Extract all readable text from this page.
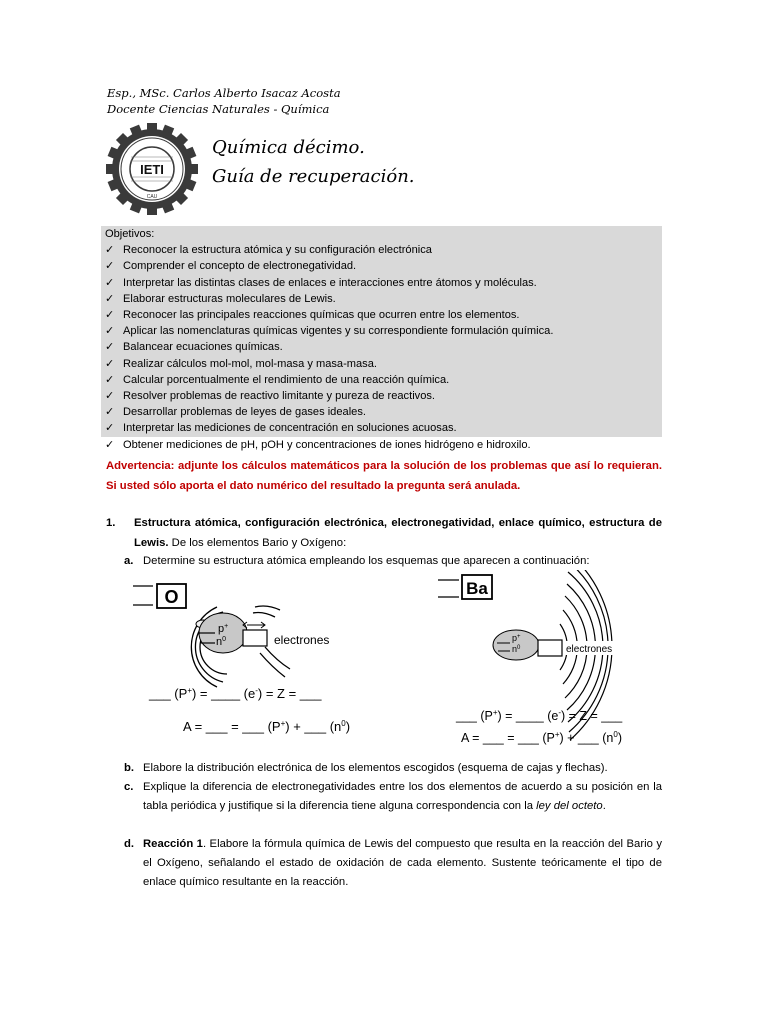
Esp., MSc. Carlos Alberto Isacaz Acosta
Docente Ciencias Naturales - Química
IETI
CAU
Química décimo.
Guía de recuperación.
Objetivos:
✓ Reconocer la estructura atómica y su configuración electrónica
✓ Comprender el concepto de electronegatividad.
✓ Interpretar las distintas clases de enlaces e interacciones entre átomos y moléculas.
✓ Elaborar estructuras moleculares de Lewis.
✓ Reconocer las principales reacciones químicas que ocurren entre los elementos.
✓ Aplicar las nomenclaturas químicas vigentes y su correspondiente formulación química.
✓ Balancear ecuaciones químicas.
✓ Realizar cálculos mol-mol, mol-masa y masa-masa.
✓ Calcular porcentualmente el rendimiento de una reacción química.
✓ Resolver problemas de reactivo limitante y pureza de reactivos.
✓ Desarrollar problemas de leyes de gases ideales.
✓ Interpretar las mediciones de concentración en soluciones acuosas.
✓ Obtener mediciones de pH, pOH y concentraciones de iones hidrógeno e hidroxilo.
Advertencia: adjunte los cálculos matemáticos para la solución de los problemas que así lo requieran. Si usted sólo aporta el dato numérico del resultado la pregunta será anulada.
1. Estructura atómica, configuración electrónica, electronegatividad, enlace químico, estructura de Lewis. De los elementos Bario y Oxígeno:
a. Determine su estructura atómica empleando los esquemas que aparecen a continuación:
O
p+
$n^0$	electrones
___ (P+) = ____ (e-) = Z = ___
A = ___ = ___ (P+) + ___ $(n^0)$
Ba
p+
$n^0$	electrones
___ (P+) = ____ (e-) = Z = ___
A = ___ = ___ (P+) + ___ $(n^0)$
b. Elabore la distribución electrónica de los elementos escogidos (esquema de cajas y flechas).
c. Explique la diferencia de electronegatividades entre los dos elementos de acuerdo a su posición en la tabla periódica y justifique si la diferencia tiene alguna correspondencia con la ley del octeto.
d. Reacción 1. Elabore la fórmula química de Lewis del compuesto que resulta en la reacción del Bario y el Oxígeno, señalando el estado de oxidación de cada elemento. Sustente teóricamente el tipo de enlace químico resultante en la reacción.
